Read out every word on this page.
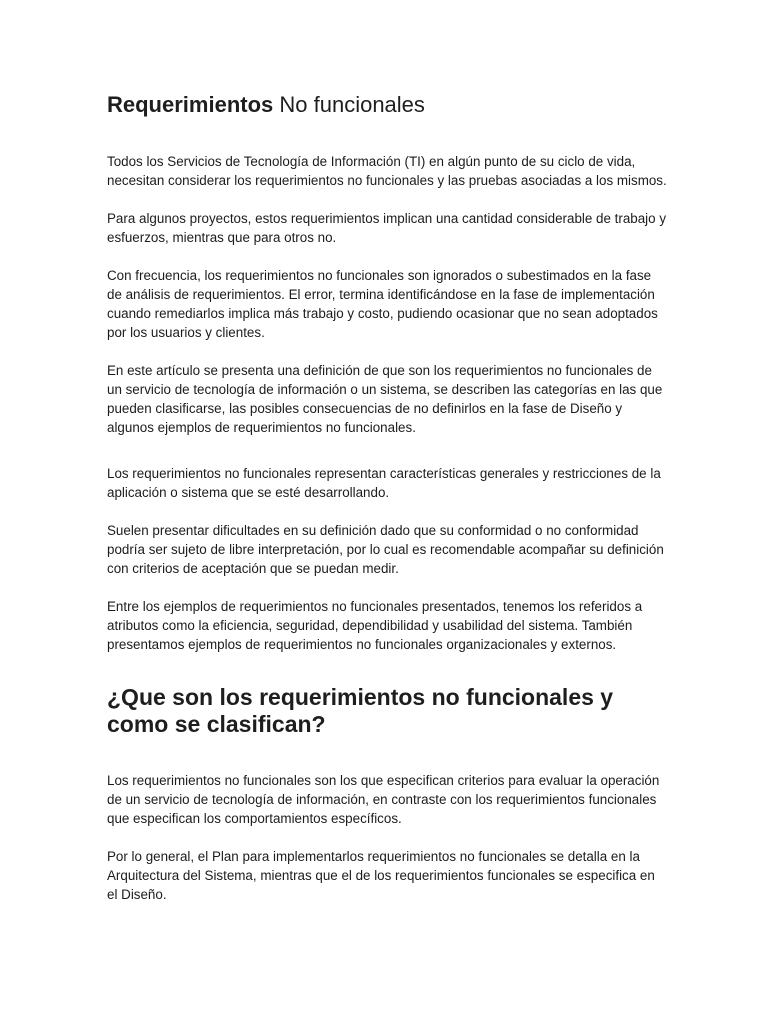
Requerimientos No funcionales

Todos los Servicios de Tecnología de Información (TI) en algún punto de su ciclo de vida, necesitan considerar los requerimientos no funcionales y las pruebas asociadas a los mismos.

Para algunos proyectos, estos requerimientos implican una cantidad considerable de trabajo y esfuerzos, mientras que para otros no.

Con frecuencia, los requerimientos no funcionales son ignorados o subestimados en la fase de análisis de requerimientos. El error, termina identificándose en la fase de implementación cuando remediarlos implica más trabajo y costo, pudiendo ocasionar que no sean adoptados por los usuarios y clientes.

En este artículo se presenta una definición de que son los requerimientos no funcionales de un servicio de tecnología de información o un sistema, se describen las categorías en las que pueden clasificarse, las posibles consecuencias de no definirlos en la fase de Diseño y algunos ejemplos de requerimientos no funcionales.

Los requerimientos no funcionales representan características generales y restricciones de la aplicación o sistema que se esté desarrollando.

Suelen presentar dificultades en su definición dado que su conformidad o no conformidad podría ser sujeto de libre interpretación, por lo cual es recomendable acompañar su definición con criterios de aceptación que se puedan medir.

Entre los ejemplos de requerimientos no funcionales presentados, tenemos los referidos a atributos como la eficiencia, seguridad, dependibilidad y usabilidad del sistema. También presentamos ejemplos de requerimientos no funcionales organizacionales y externos.

¿Que son los requerimientos no funcionales y como se clasifican?

Los requerimientos no funcionales son los que especifican criterios para evaluar la operación de un servicio de tecnología de información, en contraste con los requerimientos funcionales que especifican los comportamientos específicos.

Por lo general, el Plan para implementarlos requerimientos no funcionales se detalla en la Arquitectura del Sistema, mientras que el de los requerimientos funcionales se especifica en el Diseño.
